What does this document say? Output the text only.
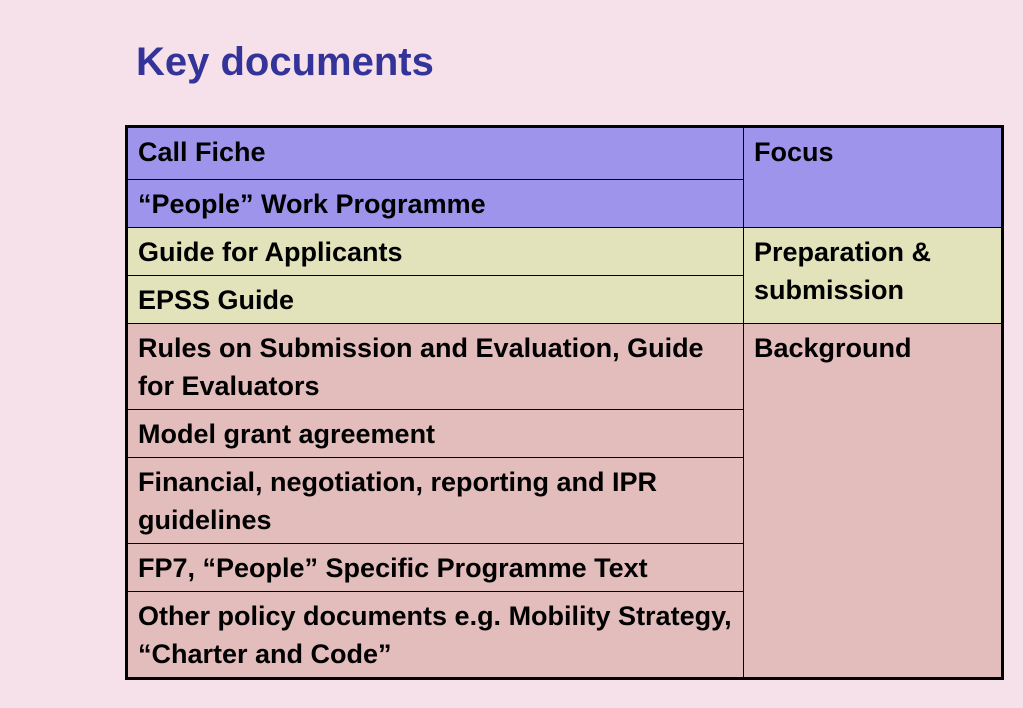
Key documents
Call Fiche	Focus
“People” Work Programme	
Guide for Applicants	Preparation & submission
EPSS Guide	
Rules on Submission and Evaluation, Guide for Evaluators	Background
Model grant agreement	
Financial, negotiation, reporting and IPR guidelines	
FP7, “People” Specific Programme Text	
Other policy documents e.g. Mobility Strategy, “Charter and Code”	
